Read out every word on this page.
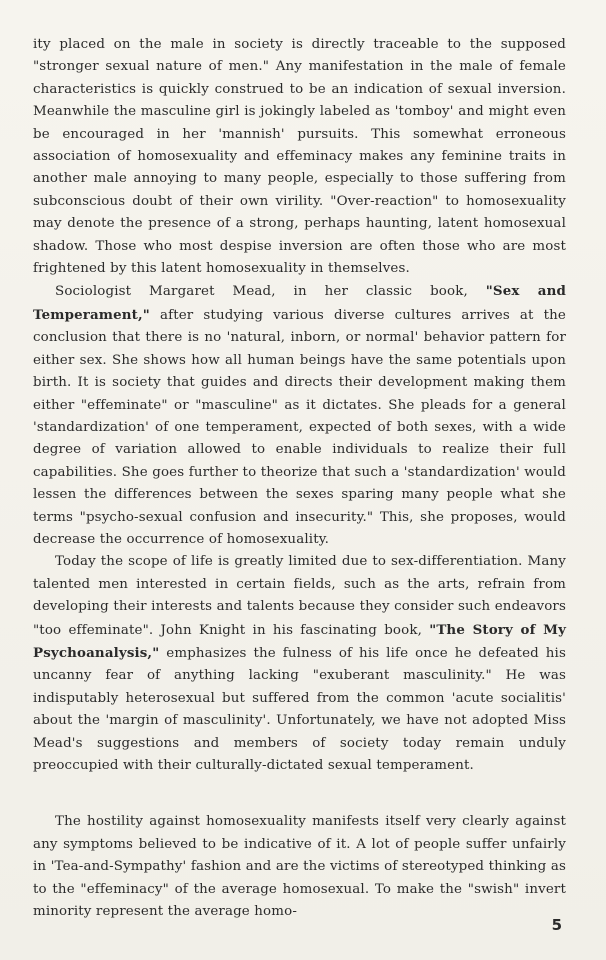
ity placed on the male in society is directly traceable to the supposed "stronger sexual nature of men." Any manifestation in the male of female characteristics is quickly construed to be an indication of sexual inversion. Meanwhile the masculine girl is jokingly labeled as 'tomboy' and might even be encouraged in her 'mannish' pursuits. This somewhat erroneous association of homosexuality and effeminacy makes any feminine traits in another male annoying to many people, especially to those suffering from subconscious doubt of their own virility. "Over-reaction" to homosexuality may denote the presence of a strong, perhaps haunting, latent homosexual shadow. Those who most despise inversion are often those who are most frightened by this latent homosexuality in themselves.

Sociologist Margaret Mead, in her classic book, "Sex and Temperament," after studying various diverse cultures arrives at the conclusion that there is no 'natural, inborn, or normal' behavior pattern for either sex. She shows how all human beings have the same potentials upon birth. It is society that guides and directs their development making them either "effeminate" or "masculine" as it dictates. She pleads for a general 'standardization' of one temperament, expected of both sexes, with a wide degree of variation allowed to enable individuals to realize their full capabilities. She goes further to theorize that such a 'standardization' would lessen the differences between the sexes sparing many people what she terms "psycho-sexual confusion and insecurity." This, she proposes, would decrease the occurrence of homosexuality.

Today the scope of life is greatly limited due to sex-differentiation. Many talented men interested in certain fields, such as the arts, refrain from developing their interests and talents because they consider such endeavors "too effeminate". John Knight in his fascinating book, "The Story of My Psychoanalysis," emphasizes the fulness of his life once he defeated his uncanny fear of anything lacking "exuberant masculinity." He was indisputably heterosexual but suffered from the common 'acute socialitis' about the 'margin of masculinity'. Unfortunately, we have not adopted Miss Mead's suggestions and members of society today remain unduly preoccupied with their culturally-dictated sexual temperament.

The hostility against homosexuality manifests itself very clearly against any symptoms believed to be indicative of it. A lot of people suffer unfairly in 'Tea-and-Sympathy' fashion and are the victims of stereotyped thinking as to the "effeminacy" of the average homosexual. To make the "swish" invert minority represent the average homo-

5
